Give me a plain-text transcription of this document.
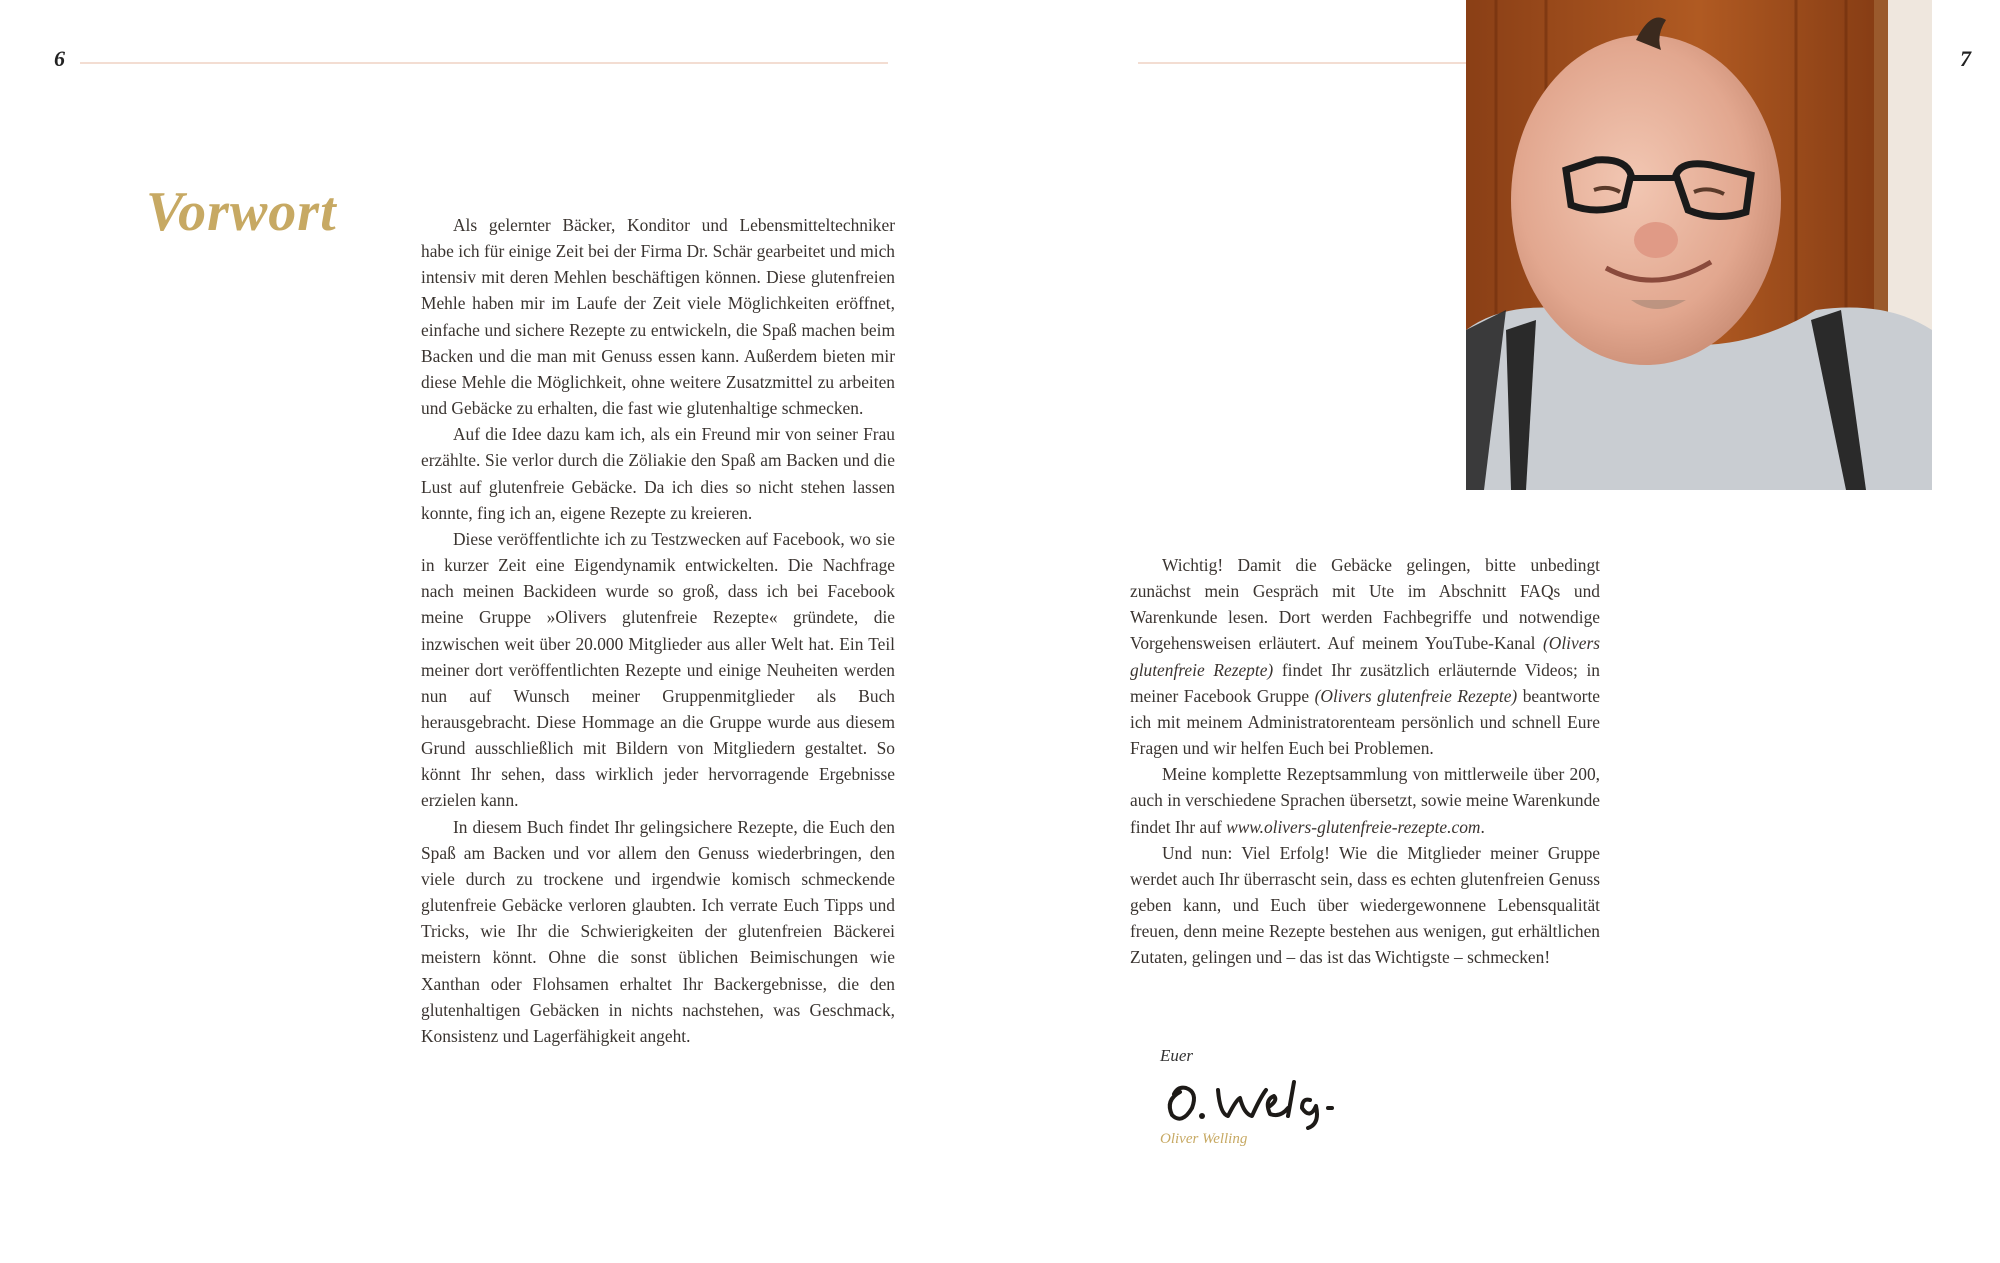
6	7
Vorwort	Als gelernter Bäcker, Konditor und Lebensmitteltechniker habe ich für einige Zeit bei der Firma Dr. Schär gearbeitet und mich intensiv mit deren Mehlen beschäftigen können. Diese glutenfreien Mehle haben mir im Laufe der Zeit viele Möglichkeiten eröffnet, einfache und sichere Rezepte zu entwickeln, die Spaß machen beim Backen und die man mit Genuss essen kann. Außerdem bieten mir diese Mehle die Möglichkeit, ohne weitere Zusatzmittel zu arbeiten und Gebäcke zu erhalten, die fast wie glutenhaltige schmecken.

Auf die Idee dazu kam ich, als ein Freund mir von seiner Frau erzählte. Sie verlor durch die Zöliakie den Spaß am Backen und die Lust auf glutenfreie Gebäcke. Da ich dies so nicht stehen lassen konnte, fing ich an, eigene Rezepte zu kreieren.

Diese veröffentlichte ich zu Testzwecken auf Facebook, wo sie in kurzer Zeit eine Eigendynamik entwickelten. Die Nachfrage nach meinen Backideen wurde so groß, dass ich bei Facebook meine Gruppe »Olivers glutenfreie Rezepte« gründete, die inzwischen weit über 20.000 Mitglieder aus aller Welt hat. Ein Teil meiner dort veröffentlichten Rezepte und einige Neuheiten werden nun auf Wunsch meiner Gruppenmitglieder als Buch herausgebracht. Diese Hommage an die Gruppe wurde aus diesem Grund ausschließlich mit Bildern von Mitgliedern gestaltet. So könnt Ihr sehen, dass wirklich jeder hervorragende Ergebnisse erzielen kann.

In diesem Buch findet Ihr gelingsichere Rezepte, die Euch den Spaß am Backen und vor allem den Genuss wiederbringen, den viele durch zu trockene und irgendwie komisch schmeckende glutenfreie Gebäcke verloren glaubten. Ich verrate Euch Tipps und Tricks, wie Ihr die Schwierigkeiten der glutenfreien Bäckerei meistern könnt. Ohne die sonst üblichen Beimischungen wie Xanthan oder Flohsamen erhaltet Ihr Backergebnisse, die den glutenhaltigen Gebäcken in nichts nachstehen, was Geschmack, Konsistenz und Lagerfähigkeit angeht.

Wichtig! Damit die Gebäcke gelingen, bitte unbedingt zunächst mein Gespräch mit Ute im Abschnitt FAQs und Warenkunde lesen. Dort werden Fachbegriffe und notwendige Vorgehensweisen erläutert. Auf meinem YouTube-Kanal (Olivers glutenfreie Rezepte) findet Ihr zusätzlich erläuternde Videos; in meiner Facebook Gruppe (Olivers glutenfreie Rezepte) beantworte ich mit meinem Administratorenteam persönlich und schnell Eure Fragen und wir helfen Euch bei Problemen.

Meine komplette Rezeptsammlung von mittlerweile über 200, auch in verschiedene Sprachen übersetzt, sowie meine Warenkunde findet Ihr auf www.olivers-glutenfreie-rezepte.com.

Und nun: Viel Erfolg! Wie die Mitglieder meiner Gruppe werdet auch Ihr überrascht sein, dass es echten glutenfreien Genuss geben kann, und Euch über wiedergewonnene Lebensqualität freuen, denn meine Rezepte bestehen aus wenigen, gut erhältlichen Zutaten, gelingen und – das ist das Wichtigste – schmecken!

Euer
Oliver Welling
